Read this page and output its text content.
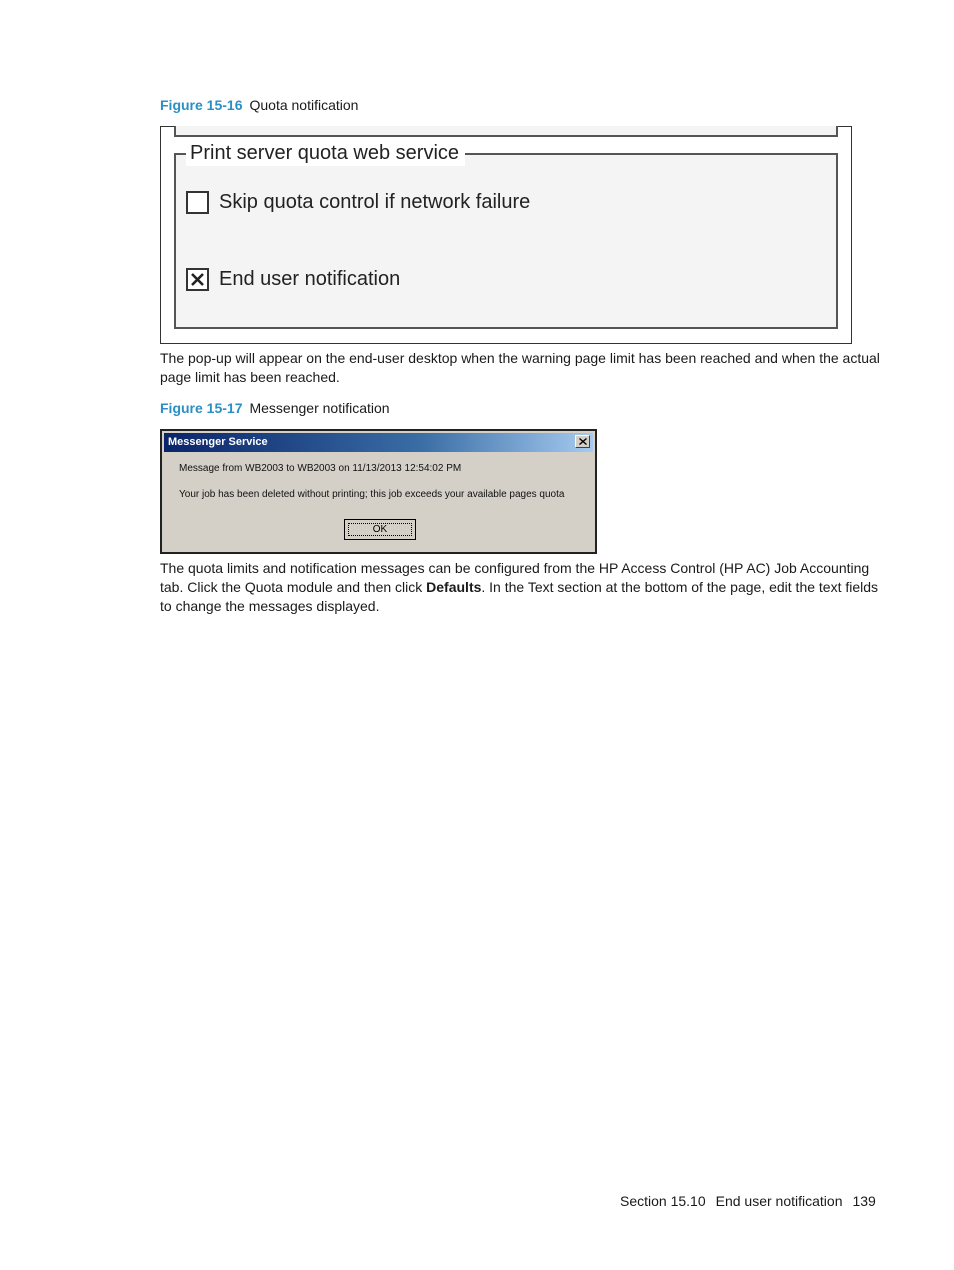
Figure 15-16 Quota notification
Print server quota web service
Skip quota control if network failure
End user notification

The pop-up will appear on the end-user desktop when the warning page limit has been reached and when the actual page limit has been reached.

Figure 15-17 Messenger notification
Messenger Service
Message from WB2003 to WB2003 on 11/13/2013 12:54:02 PM
Your job has been deleted without printing; this job exceeds your available pages quota
OK

The quota limits and notification messages can be configured from the HP Access Control (HP AC) Job Accounting tab. Click the Quota module and then click Defaults. In the Text section at the bottom of the page, edit the text fields to change the messages displayed.

Section 15.10 End user notification 139
